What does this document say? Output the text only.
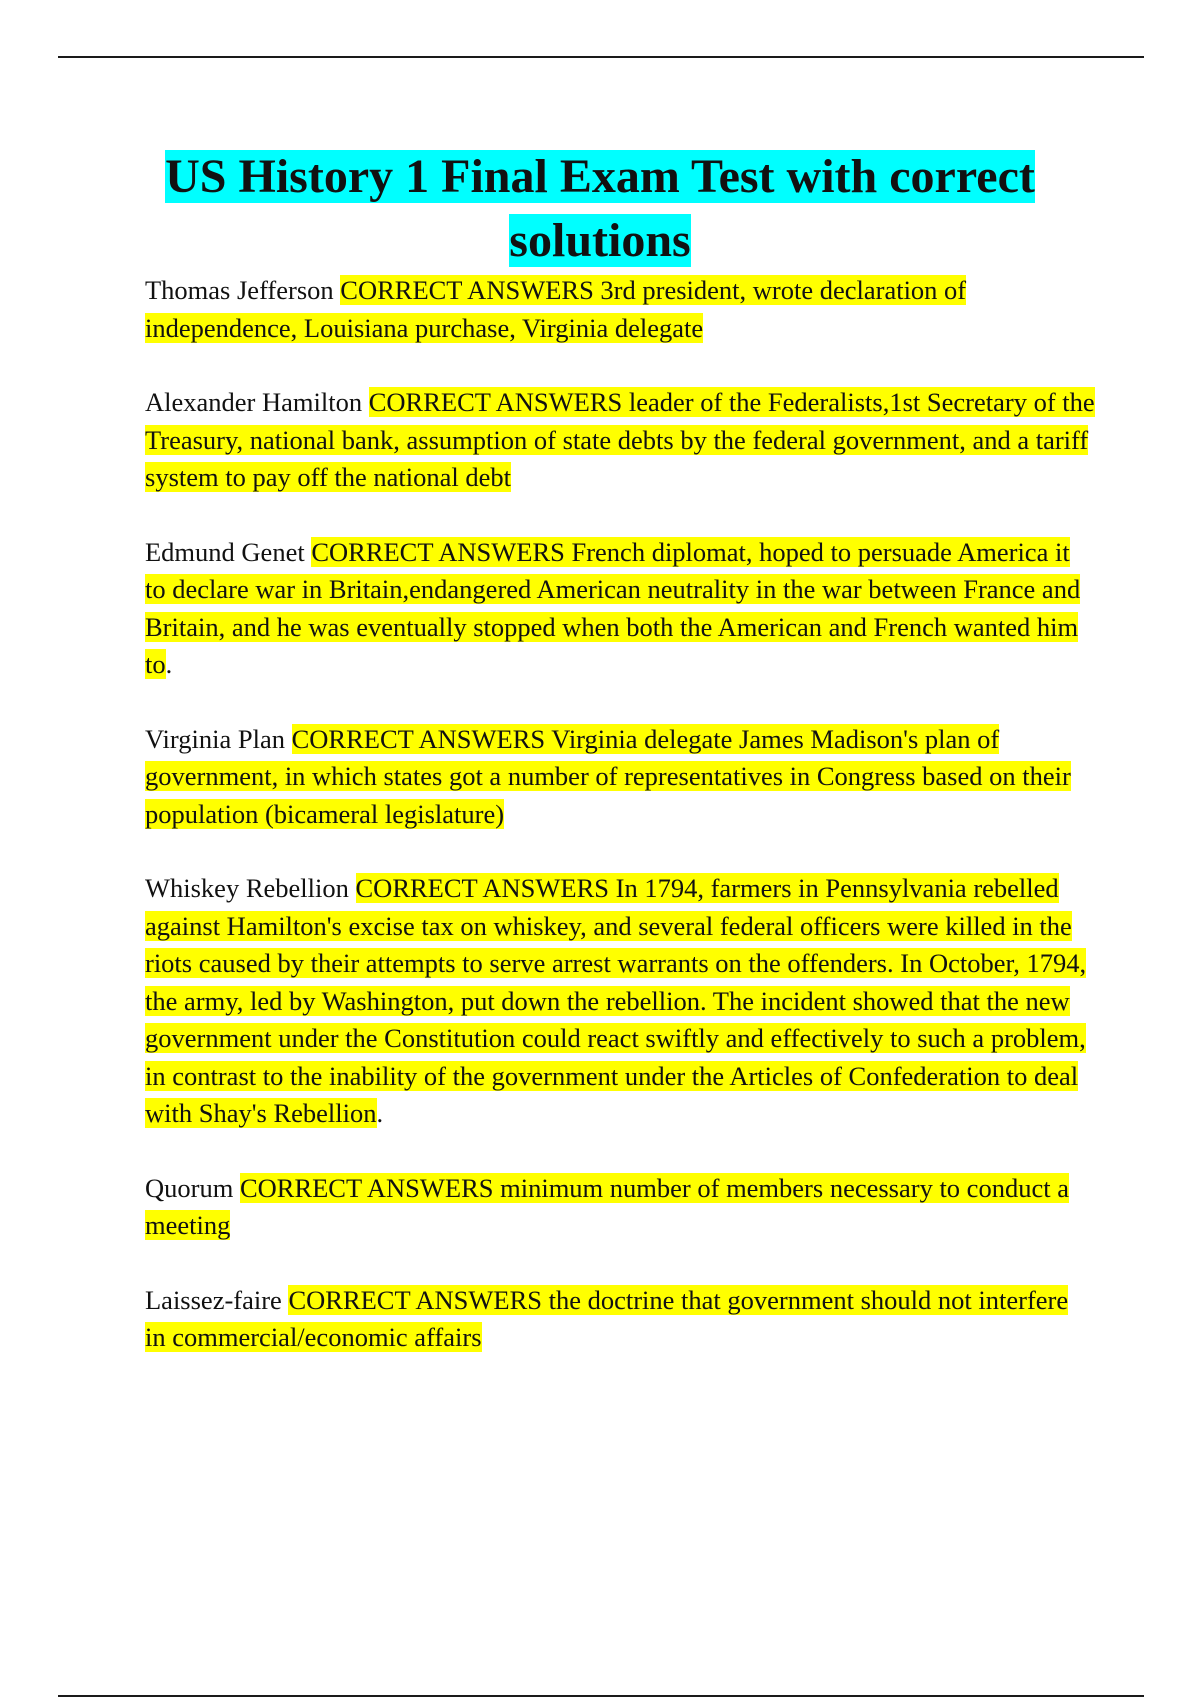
US History 1 Final Exam Test with correct solutions

Thomas Jefferson CORRECT ANSWERS 3rd president, wrote declaration of independence, Louisiana purchase, Virginia delegate

Alexander Hamilton CORRECT ANSWERS leader of the Federalists,1st Secretary of the Treasury, national bank, assumption of state debts by the federal government, and a tariff system to pay off the national debt

Edmund Genet CORRECT ANSWERS French diplomat, hoped to persuade America it to declare war in Britain,endangered American neutrality in the war between France and Britain, and he was eventually stopped when both the American and French wanted him to.

Virginia Plan CORRECT ANSWERS Virginia delegate James Madison's plan of government, in which states got a number of representatives in Congress based on their population (bicameral legislature)

Whiskey Rebellion CORRECT ANSWERS In 1794, farmers in Pennsylvania rebelled against Hamilton's excise tax on whiskey, and several federal officers were killed in the riots caused by their attempts to serve arrest warrants on the offenders. In October, 1794, the army, led by Washington, put down the rebellion. The incident showed that the new government under the Constitution could react swiftly and effectively to such a problem, in contrast to the inability of the government under the Articles of Confederation to deal with Shay's Rebellion.

Quorum CORRECT ANSWERS minimum number of members necessary to conduct a meeting

Laissez-faire CORRECT ANSWERS the doctrine that government should not interfere in commercial/economic affairs
